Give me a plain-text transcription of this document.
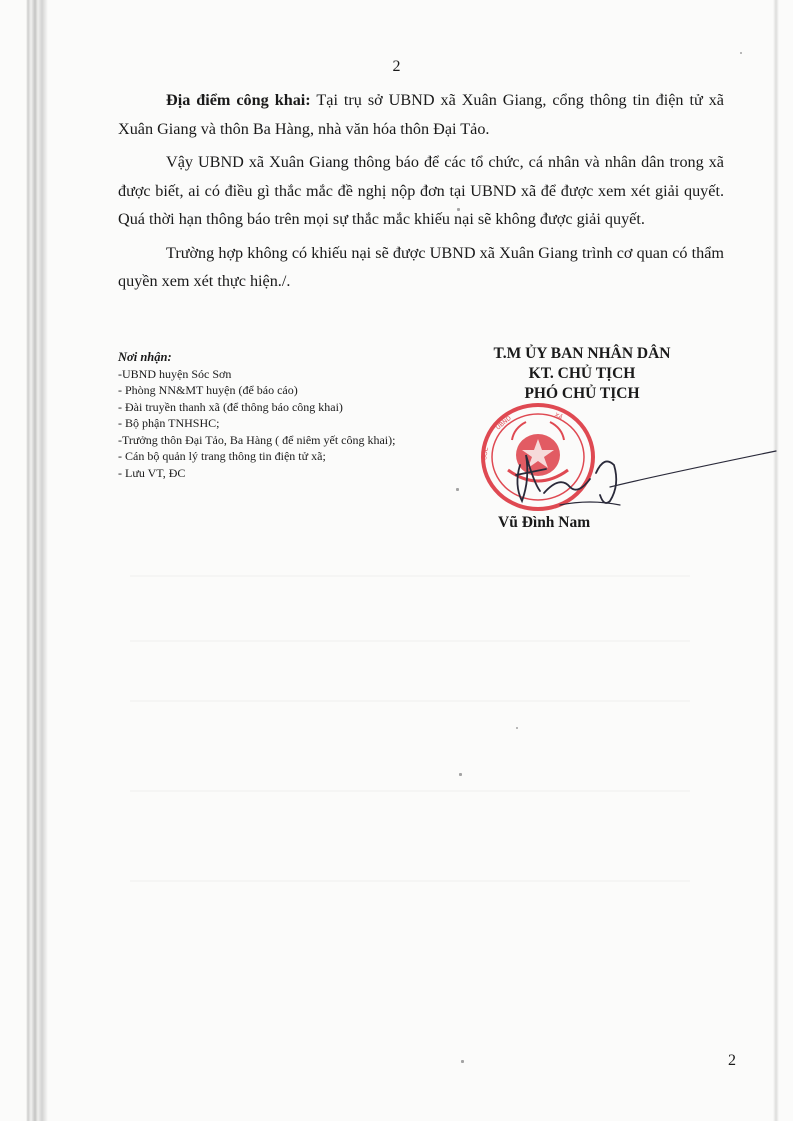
2

Địa điểm công khai: Tại trụ sở UBND xã Xuân Giang, cổng thông tin điện tử xã Xuân Giang và thôn Ba Hàng, nhà văn hóa thôn Đại Tảo.

Vậy UBND xã Xuân Giang thông báo để các tổ chức, cá nhân và nhân dân trong xã được biết, ai có điều gì thắc mắc đề nghị nộp đơn tại UBND xã để được xem xét giải quyết. Quá thời hạn thông báo trên mọi sự thắc mắc khiếu nại sẽ không được giải quyết.

Trường hợp không có khiếu nại sẽ được UBND xã Xuân Giang trình cơ quan có thẩm quyền xem xét thực hiện./.

Nơi nhận:
-UBND huyện Sóc Sơn
- Phòng NN&MT huyện (để báo cáo)
- Đài truyền thanh xã (để thông báo công khai)
- Bộ phận TNHSHC;
-Trưởng thôn Đại Tảo, Ba Hàng ( để niêm yết công khai);
- Cán bộ quản lý trang thông tin điện tử xã;
- Lưu VT, ĐC
UBND	XÃ
SÓC
T.M ỦY BAN NHÂN DÂN
KT. CHỦ TỊCH
PHÓ CHỦ TỊCH
Vũ Đình Nam
2
